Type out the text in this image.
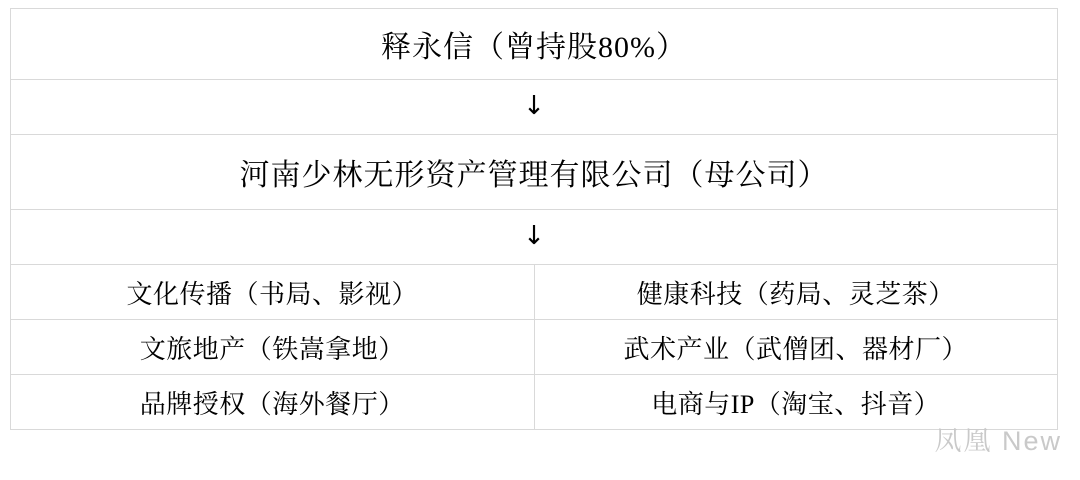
释永信（曾持股80%）	
↓	
河南少林无形资产管理有限公司（母公司）	
↓	
文化传播（书局、影视）	健康科技（药局、灵芝茶）
文旅地产（铁嵩拿地）	武术产业（武僧团、器材厂）
品牌授权（海外餐厅）	电商与IP（淘宝、抖音）
凤凰 New
